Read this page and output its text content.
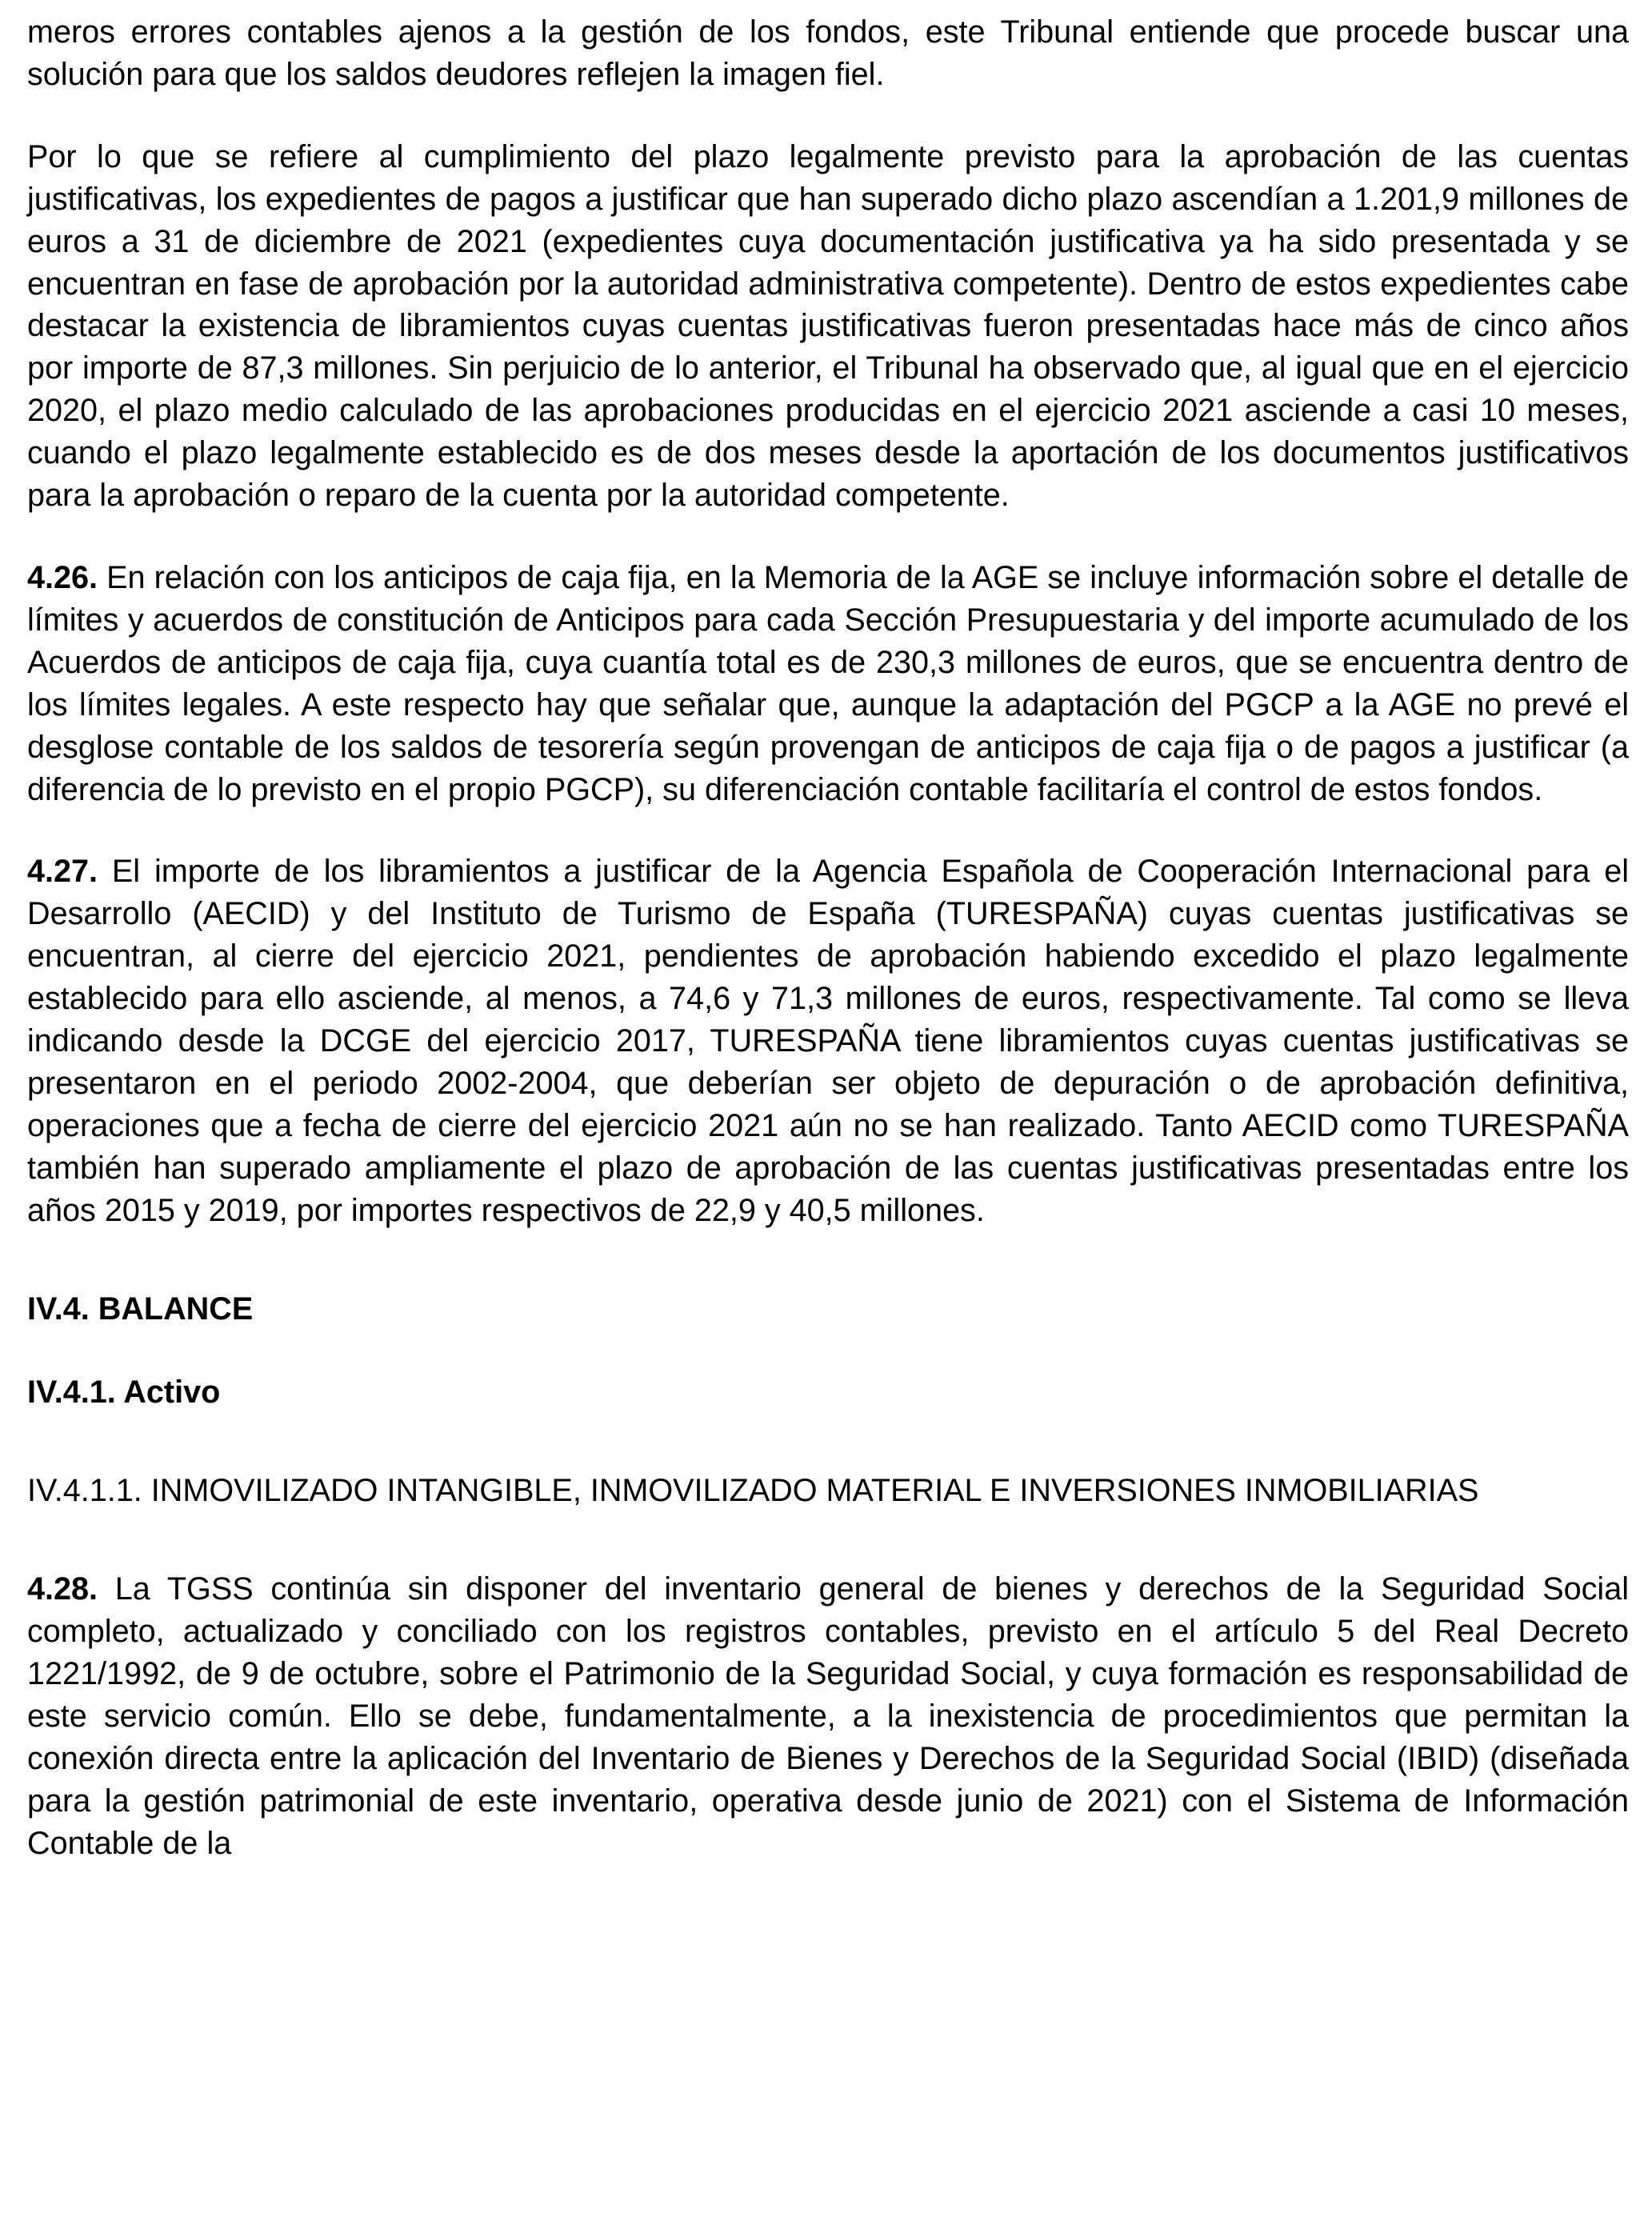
meros errores contables ajenos a la gestión de los fondos, este Tribunal entiende que procede buscar una solución para que los saldos deudores reflejen la imagen fiel.

Por lo que se refiere al cumplimiento del plazo legalmente previsto para la aprobación de las cuentas justificativas, los expedientes de pagos a justificar que han superado dicho plazo ascendían a 1.201,9 millones de euros a 31 de diciembre de 2021 (expedientes cuya documentación justificativa ya ha sido presentada y se encuentran en fase de aprobación por la autoridad administrativa competente). Dentro de estos expedientes cabe destacar la existencia de libramientos cuyas cuentas justificativas fueron presentadas hace más de cinco años por importe de 87,3 millones. Sin perjuicio de lo anterior, el Tribunal ha observado que, al igual que en el ejercicio 2020, el plazo medio calculado de las aprobaciones producidas en el ejercicio 2021 asciende a casi 10 meses, cuando el plazo legalmente establecido es de dos meses desde la aportación de los documentos justificativos para la aprobación o reparo de la cuenta por la autoridad competente.

4.26. En relación con los anticipos de caja fija, en la Memoria de la AGE se incluye información sobre el detalle de límites y acuerdos de constitución de Anticipos para cada Sección Presupuestaria y del importe acumulado de los Acuerdos de anticipos de caja fija, cuya cuantía total es de 230,3 millones de euros, que se encuentra dentro de los límites legales. A este respecto hay que señalar que, aunque la adaptación del PGCP a la AGE no prevé el desglose contable de los saldos de tesorería según provengan de anticipos de caja fija o de pagos a justificar (a diferencia de lo previsto en el propio PGCP), su diferenciación contable facilitaría el control de estos fondos.

4.27. El importe de los libramientos a justificar de la Agencia Española de Cooperación Internacional para el Desarrollo (AECID) y del Instituto de Turismo de España (TURESPAÑA) cuyas cuentas justificativas se encuentran, al cierre del ejercicio 2021, pendientes de aprobación habiendo excedido el plazo legalmente establecido para ello asciende, al menos, a 74,6 y 71,3 millones de euros, respectivamente. Tal como se lleva indicando desde la DCGE del ejercicio 2017, TURESPAÑA tiene libramientos cuyas cuentas justificativas se presentaron en el periodo 2002-2004, que deberían ser objeto de depuración o de aprobación definitiva, operaciones que a fecha de cierre del ejercicio 2021 aún no se han realizado. Tanto AECID como TURESPAÑA también han superado ampliamente el plazo de aprobación de las cuentas justificativas presentadas entre los años 2015 y 2019, por importes respectivos de 22,9 y 40,5 millones.

IV.4. BALANCE

IV.4.1. Activo

IV.4.1.1. INMOVILIZADO INTANGIBLE, INMOVILIZADO MATERIAL E INVERSIONES INMOBILIARIAS

4.28. La TGSS continúa sin disponer del inventario general de bienes y derechos de la Seguridad Social completo, actualizado y conciliado con los registros contables, previsto en el artículo 5 del Real Decreto 1221/1992, de 9 de octubre, sobre el Patrimonio de la Seguridad Social, y cuya formación es responsabilidad de este servicio común. Ello se debe, fundamentalmente, a la inexistencia de procedimientos que permitan la conexión directa entre la aplicación del Inventario de Bienes y Derechos de la Seguridad Social (IBID) (diseñada para la gestión patrimonial de este inventario, operativa desde junio de 2021) con el Sistema de Información Contable de la
